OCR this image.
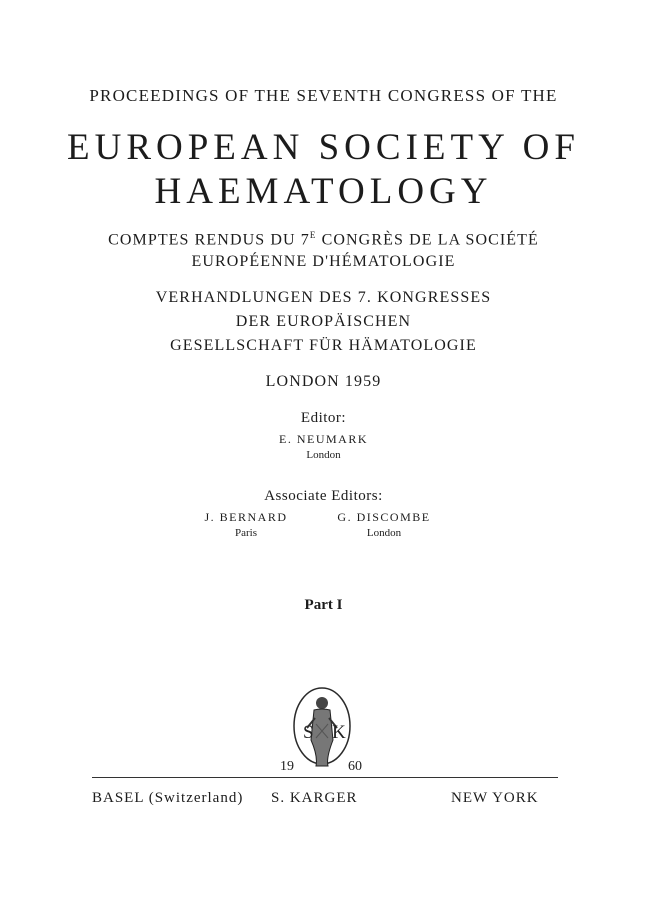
PROCEEDINGS OF THE SEVENTH CONGRESS OF THE
EUROPEAN SOCIETY OF
HAEMATOLOGY
COMPTES RENDUS DU $7^E$ CONGRÈS DE LA SOCIÉTÉ
EUROPÉENNE D'HÉMATOLOGIE
VERHANDLUNGEN DES 7. KONGRESSES
DER EUROPÄISCHEN
GESELLSCHAFT FÜR HÄMATOLOGIE
LONDON 1959
Editor:
E. NEUMARK
London
Associate Editors:
J. BERNARD
Paris
G. DISCOMBE
London
Part I
S K
19	60
BASEL (Switzerland) S. KARGER	NEW YORK
